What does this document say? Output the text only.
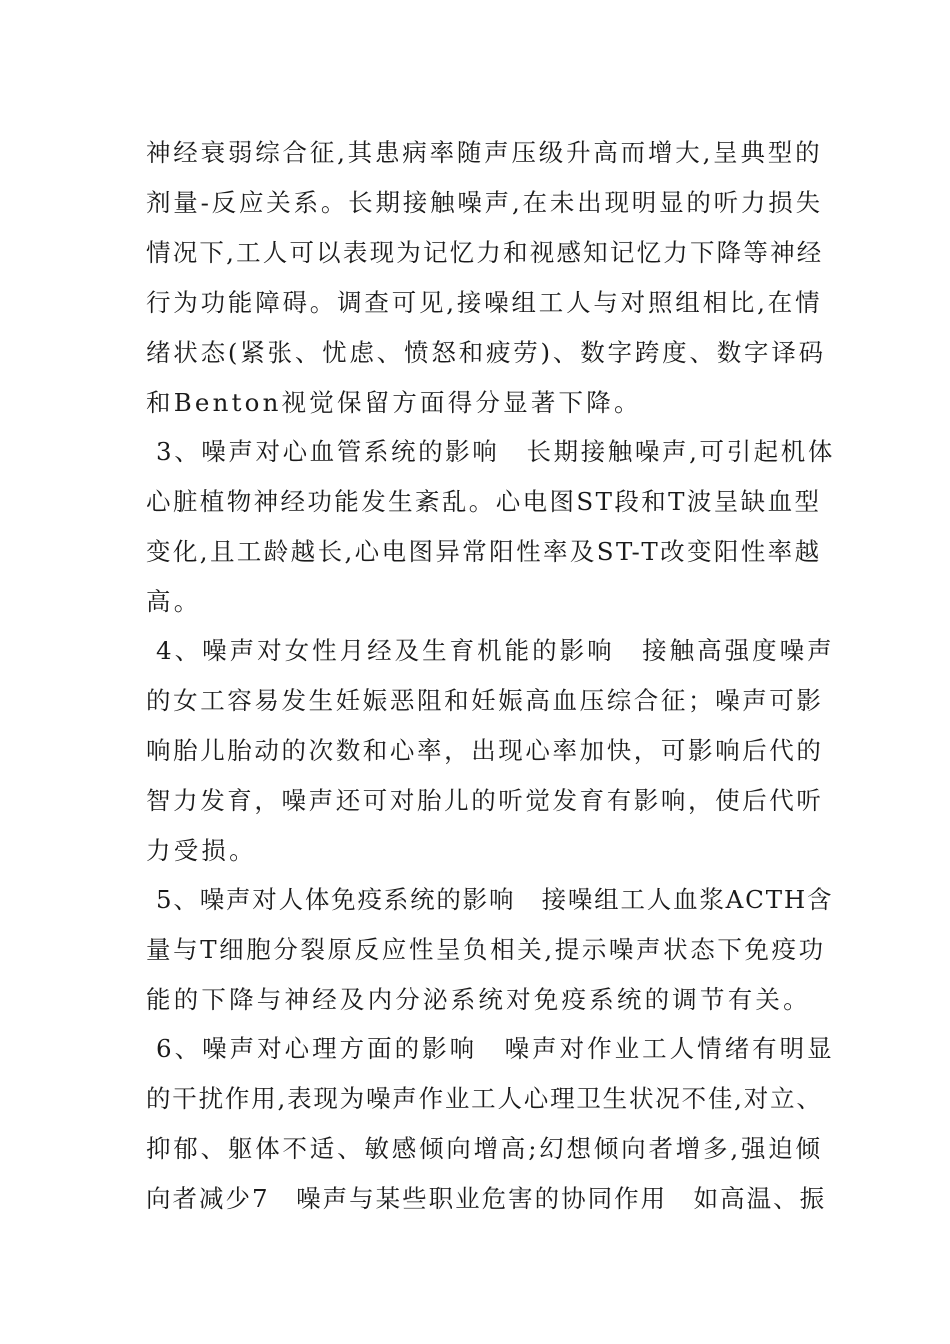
神经衰弱综合征,其患病率随声压级升高而增大,呈典型的
剂量-反应关系。长期接触噪声,在未出现明显的听力损失
情况下,工人可以表现为记忆力和视感知记忆力下降等神经
行为功能障碍。调查可见,接噪组工人与对照组相比,在情
绪状态(紧张、忧虑、愤怒和疲劳)、数字跨度、数字译码
和Benton视觉保留方面得分显著下降。
3、噪声对心血管系统的影响　长期接触噪声,可引起机体
心脏植物神经功能发生紊乱。心电图ST段和T波呈缺血型
变化,且工龄越长,心电图异常阳性率及ST-T改变阳性率越
高。
4、噪声对女性月经及生育机能的影响　接触高强度噪声
的女工容易发生妊娠恶阻和妊娠高血压综合征；噪声可影
响胎儿胎动的次数和心率，出现心率加快，可影响后代的
智力发育，噪声还可对胎儿的听觉发育有影响，使后代听
力受损。
5、噪声对人体免疫系统的影响　接噪组工人血浆ACTH含
量与T细胞分裂原反应性呈负相关,提示噪声状态下免疫功
能的下降与神经及内分泌系统对免疫系统的调节有关。
6、噪声对心理方面的影响　噪声对作业工人情绪有明显
的干扰作用,表现为噪声作业工人心理卫生状况不佳,对立、
抑郁、躯体不适、敏感倾向增高;幻想倾向者增多,强迫倾
向者减少7　噪声与某些职业危害的协同作用　如高温、振
